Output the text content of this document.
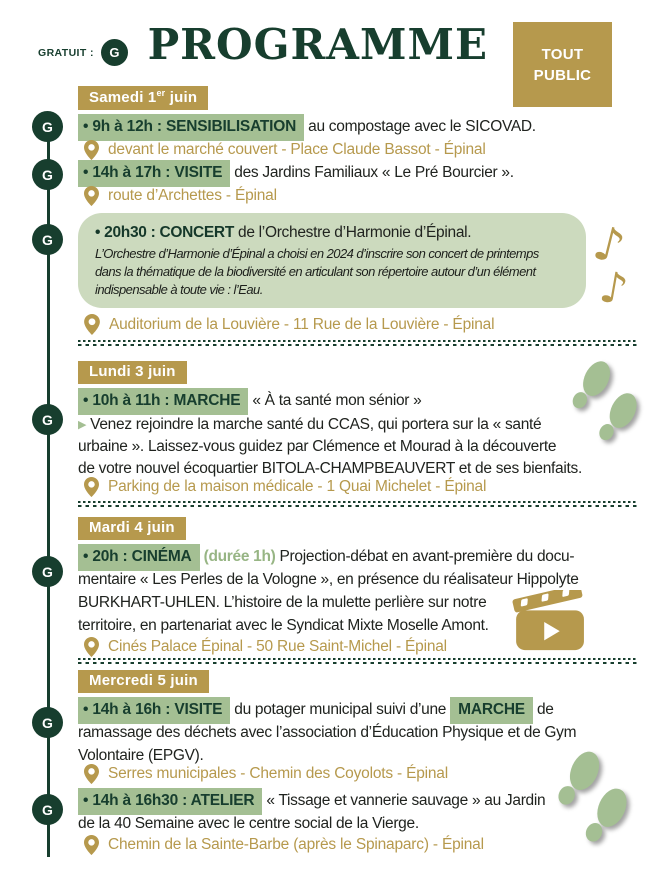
GRATUIT :	G PROGRAMME	TOUT
PUBLIC
G
G
G
G
G
G
G
Samedi 1er juin
• 9h à 12h : SENSIBILISATION au compostage avec le SICOVAD.
devant le marché couvert - Place Claude Bassot - Épinal
• 14h à 17h : VISITE des Jardins Familiaux « Le Pré Bourcier ».
route d’Archettes - Épinal
• 20h30 : CONCERT de l’Orchestre d’Harmonie d’Épinal.
L’Orchestre d’Harmonie d’Épinal a choisi en 2024 d’inscrire son concert de printemps
dans la thématique de la biodiversité en articulant son répertoire autour d’un élément
indispensable à toute vie : l’Eau.
♪
♪
Auditorium de la Louvière - 11 Rue de la Louvière - Épinal
Lundi 3 juin
• 10h à 11h : MARCHE « À ta santé mon sénior »
▶ Venez rejoindre la marche santé du CCAS, qui portera sur la « santé
urbaine ». Laissez-vous guidez par Clémence et Mourad à la découverte
de votre nouvel écoquartier BITOLA-CHAMPBEAUVERT et de ses bienfaits.
Parking de la maison médicale - 1 Quai Michelet - Épinal
Mardi 4 juin
• 20h : CINÉMA (durée 1h) Projection-débat en avant-première du docu-
mentaire « Les Perles de la Vologne », en présence du réalisateur Hippolyte
BURKHART-UHLEN. L’histoire de la mulette perlière sur notre
territoire, en partenariat avec le Syndicat Mixte Moselle Amont.
Cinés Palace Épinal - 50 Rue Saint-Michel - Épinal
Mercredi 5 juin
• 14h à 16h : VISITE du potager municipal suivi d’une MARCHE de
ramassage des déchets avec l’association d’Éducation Physique et de Gym
Volontaire (EPGV).
Serres municipales - Chemin des Coyolots - Épinal
• 14h à 16h30 : ATELIER « Tissage et vannerie sauvage » au Jardin
de la 40 Semaine avec le centre social de la Vierge.
Chemin de la Sainte-Barbe (après le Spinaparc) - Épinal
